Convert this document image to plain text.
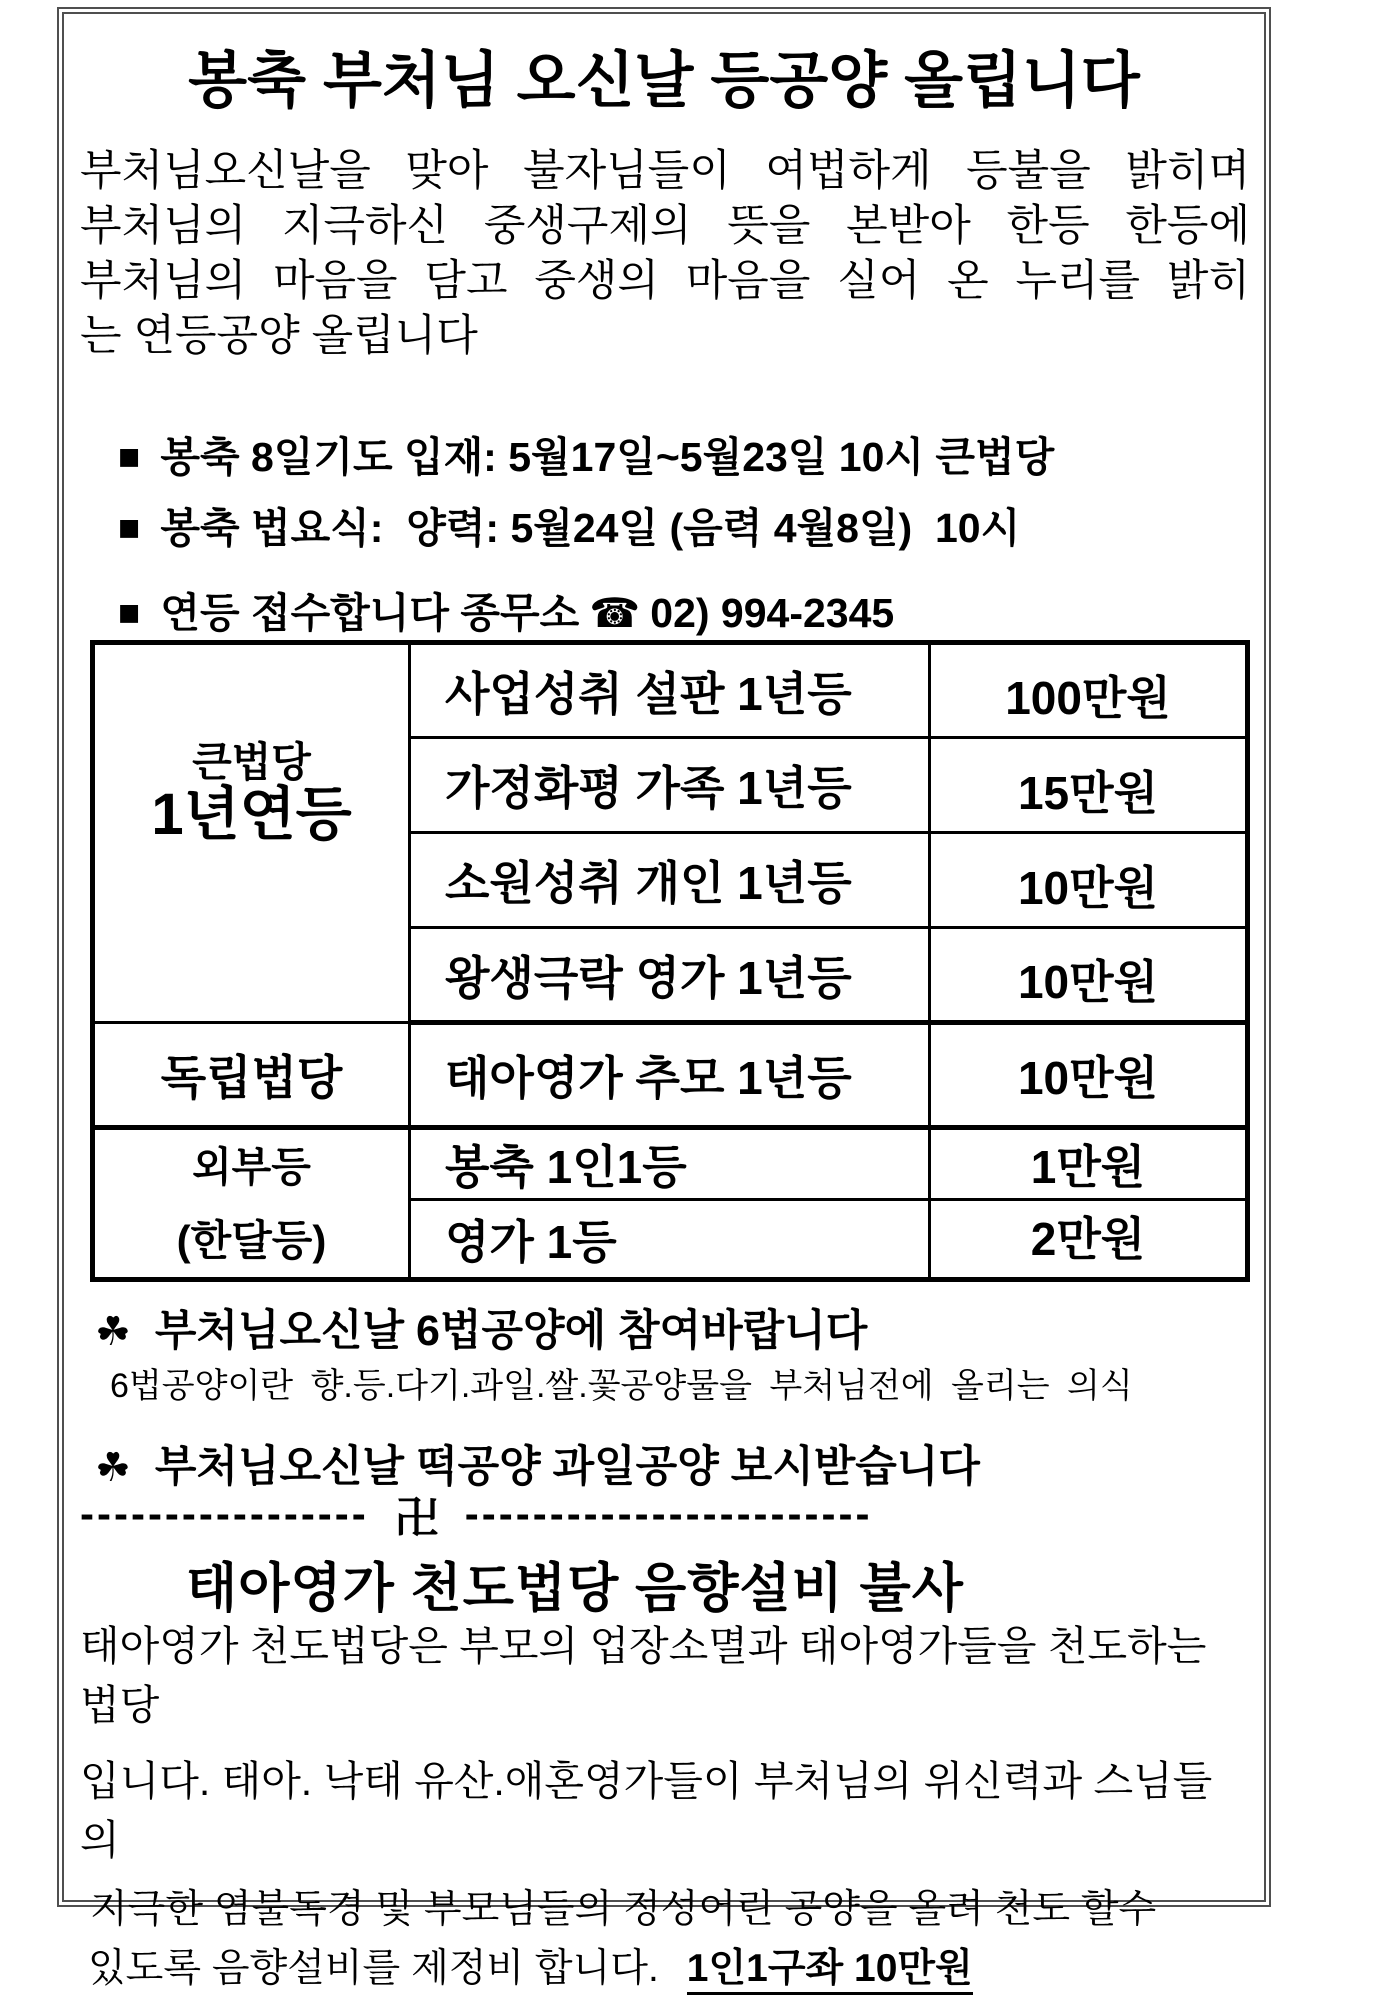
봉축 부처님 오신날 등공양 올립니다
부처님오신날을 맞아 불자님들이 여법하게 등불을 밝히며
부처님의 지극하신 중생구제의 뜻을 본받아 한등 한등에
부처님의 마음을 담고 중생의 마음을 실어 온 누리를 밝히
는 연등공양 올립니다
■ 봉축 8일기도 입재: 5월17일~5월23일 10시 큰법당
■ 봉축 법요식:  양력: 5월24일 (음력 4월8일)  10시
■ 연등 접수합니다 종무소 ☎ 02) 994-2345
큰법당
1년연등	사업성취 설판 1년등	100만원
	가정화평 가족 1년등	15만원
	소원성취 개인 1년등	10만원
	왕생극락 영가 1년등	10만원

독립법당	태아영가 추모 1년등	10만원

외부등
(한달등)	봉축 1인1등	1만원
	영가 1등	2만원
☘ 부처님오신날 6법공양에 참여바랍니다
6법공양이란 향.등.다기.과일.쌀.꽃공양물을 부처님전에 올리는 의식
☘ 부처님오신날 떡공양 과일공양 보시받습니다
----------------- 卍 ------------------------
태아영가 천도법당 음향설비 불사
태아영가 천도법당은 부모의 업장소멸과 태아영가들을 천도하는 법당
입니다. 태아. 낙태 유산.애혼영가들이 부처님의 위신력과 스님들의
지극한 염불독경 및 부모님들의 정성어린 공양을 올려 천도 할수
있도록 음향설비를 제정비 합니다. 1인1구좌 10만원
